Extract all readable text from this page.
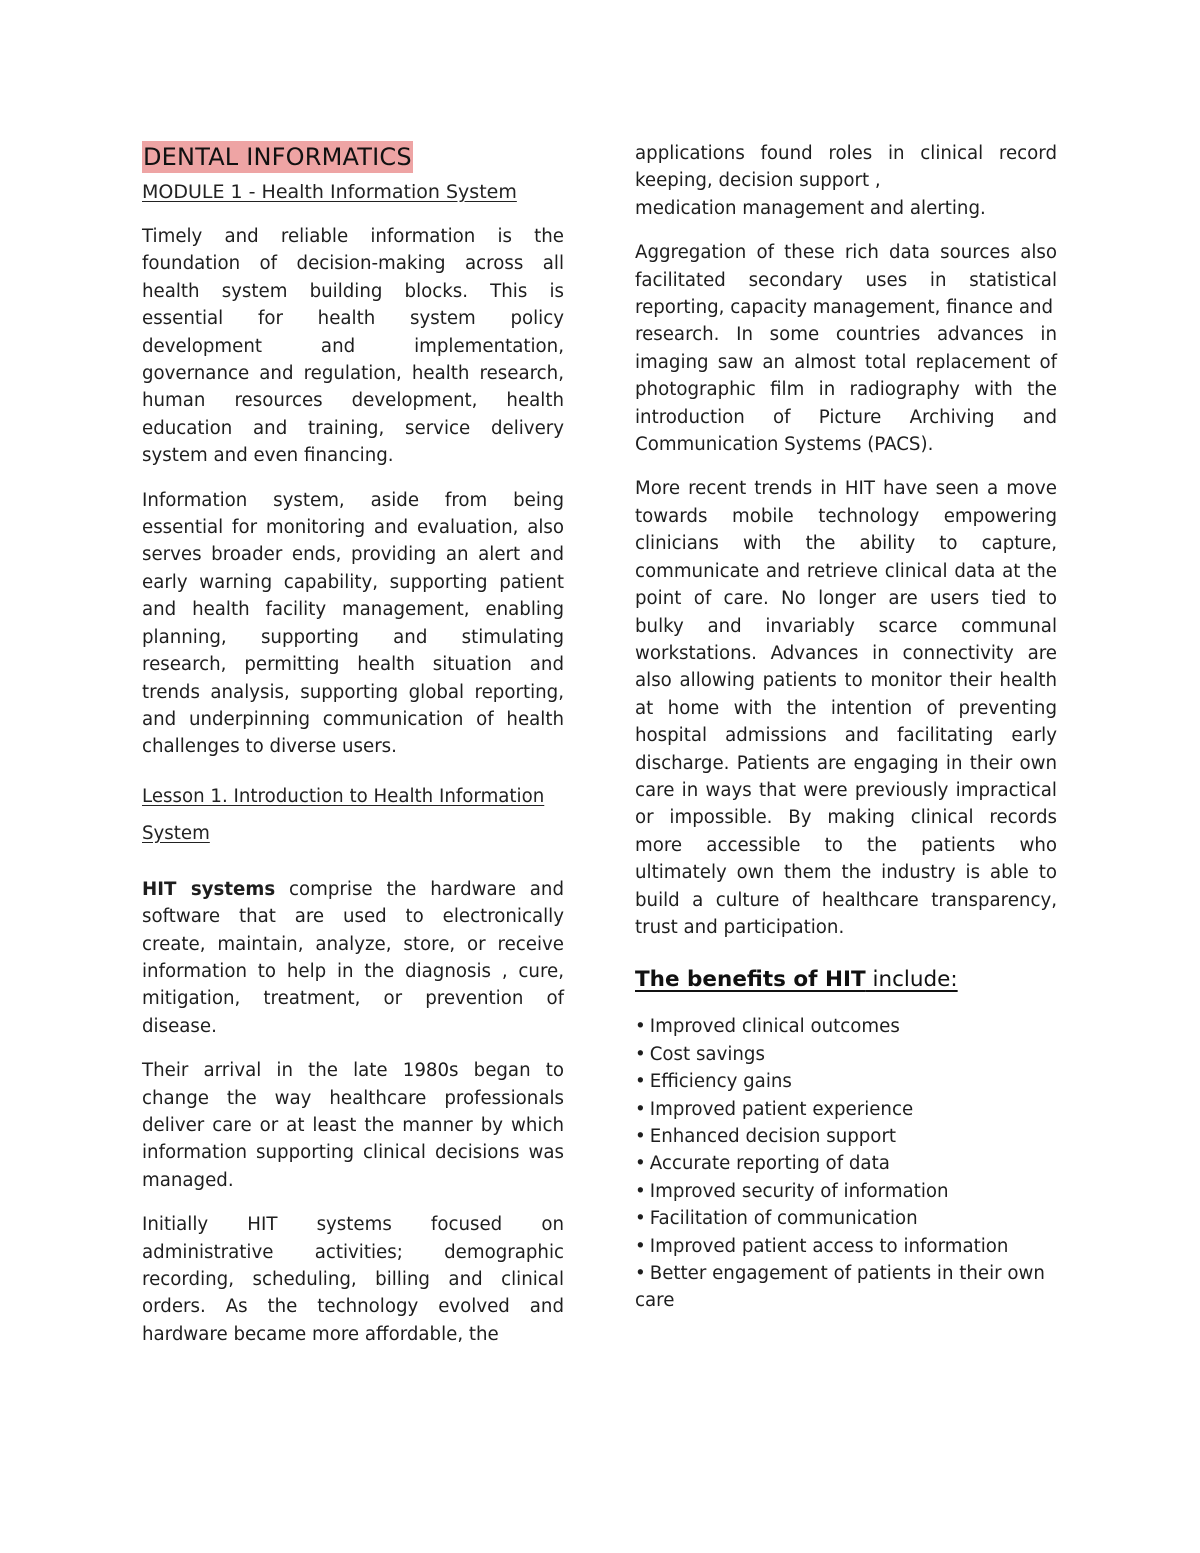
DENTAL INFORMATICS
MODULE 1 - Health Information System

Timely and reliable information is the foundation of decision-making across all health system building blocks. This is essential for health system policy development and implementation, governance and regulation, health research, human resources development, health education and training, service delivery system and even financing.

Information system, aside from being essential for monitoring and evaluation, also serves broader ends, providing an alert and early warning capability, supporting patient and health facility management, enabling planning, supporting and stimulating research, permitting health situation and trends analysis, supporting global reporting, and underpinning communication of health challenges to diverse users.

Lesson 1. Introduction to Health Information System

HIT systems comprise the hardware and software that are used to electronically create, maintain, analyze, store, or receive information to help in the diagnosis , cure, mitigation, treatment, or prevention of disease.

Their arrival in the late 1980s began to change the way healthcare professionals deliver care or at least the manner by which information supporting clinical decisions was managed.

Initially HIT systems focused on administrative activities; demographic recording, scheduling, billing and clinical orders. As the technology evolved and hardware became more affordable, the

applications found roles in clinical record keeping, decision support ,
medication management and alerting.

Aggregation of these rich data sources also facilitated secondary uses in statistical reporting, capacity management, finance and
research. In some countries advances in imaging saw an almost total replacement of photographic film in radiography with the introduction of Picture Archiving and Communication Systems (PACS).

More recent trends in HIT have seen a move towards mobile technology empowering clinicians with the ability to capture, communicate and retrieve clinical data at the point of care. No longer are users tied to bulky and invariably scarce communal workstations. Advances in connectivity are also allowing patients to monitor their health at home with the intention of preventing hospital admissions and facilitating early discharge. Patients are engaging in their own care in ways that were previously impractical or impossible. By making clinical records more accessible to the patients who ultimately own them the industry is able to build a culture of healthcare transparency, trust and participation.

The benefits of HIT include:
• Improved clinical outcomes
• Cost savings
• Efficiency gains
• Improved patient experience
• Enhanced decision support
• Accurate reporting of data
• Improved security of information
• Facilitation of communication
• Improved patient access to information
• Better engagement of patients in their own care
